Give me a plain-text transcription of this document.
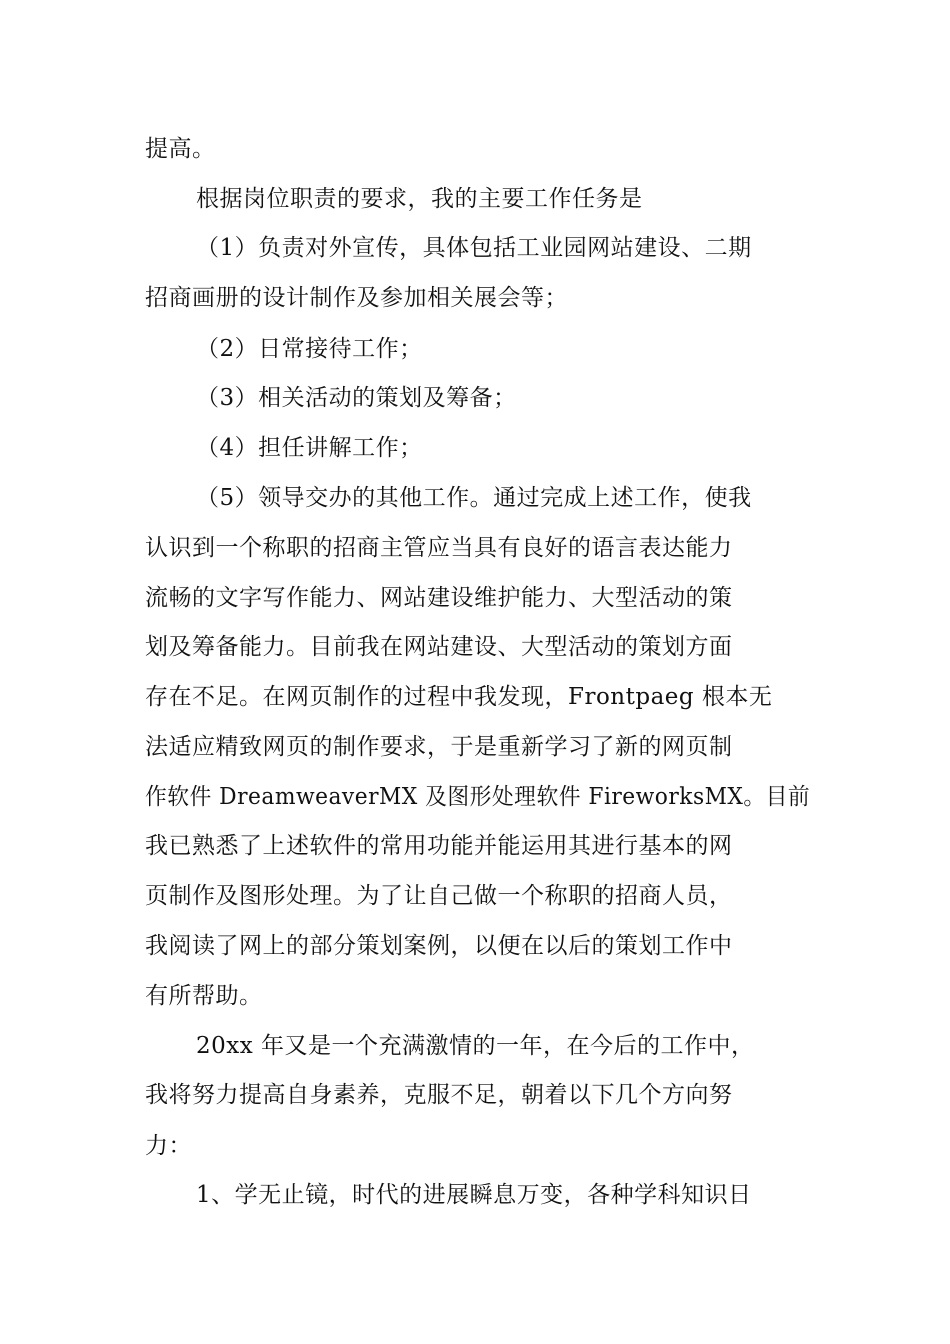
提高。
根据岗位职责的要求，我的主要工作任务是
（1）负责对外宣传，具体包括工业园网站建设、二期
招商画册的设计制作及参加相关展会等；
（2）日常接待工作；
（3）相关活动的策划及筹备；
（4）担任讲解工作；
（5）领导交办的其他工作。通过完成上述工作，使我
认识到一个称职的招商主管应当具有良好的语言表达能力
流畅的文字写作能力、网站建设维护能力、大型活动的策
划及筹备能力。目前我在网站建设、大型活动的策划方面
存在不足。在网页制作的过程中我发现，Frontpaeg 根本无
法适应精致网页的制作要求，于是重新学习了新的网页制
作软件 DreamweaverMX 及图形处理软件 FireworksMX。目前
我已熟悉了上述软件的常用功能并能运用其进行基本的网
页制作及图形处理。为了让自己做一个称职的招商人员，
我阅读了网上的部分策划案例，以便在以后的策划工作中
有所帮助。
20xx 年又是一个充满激情的一年，在今后的工作中，
我将努力提高自身素养，克服不足，朝着以下几个方向努
力：
1、学无止镜，时代的进展瞬息万变，各种学科知识日
